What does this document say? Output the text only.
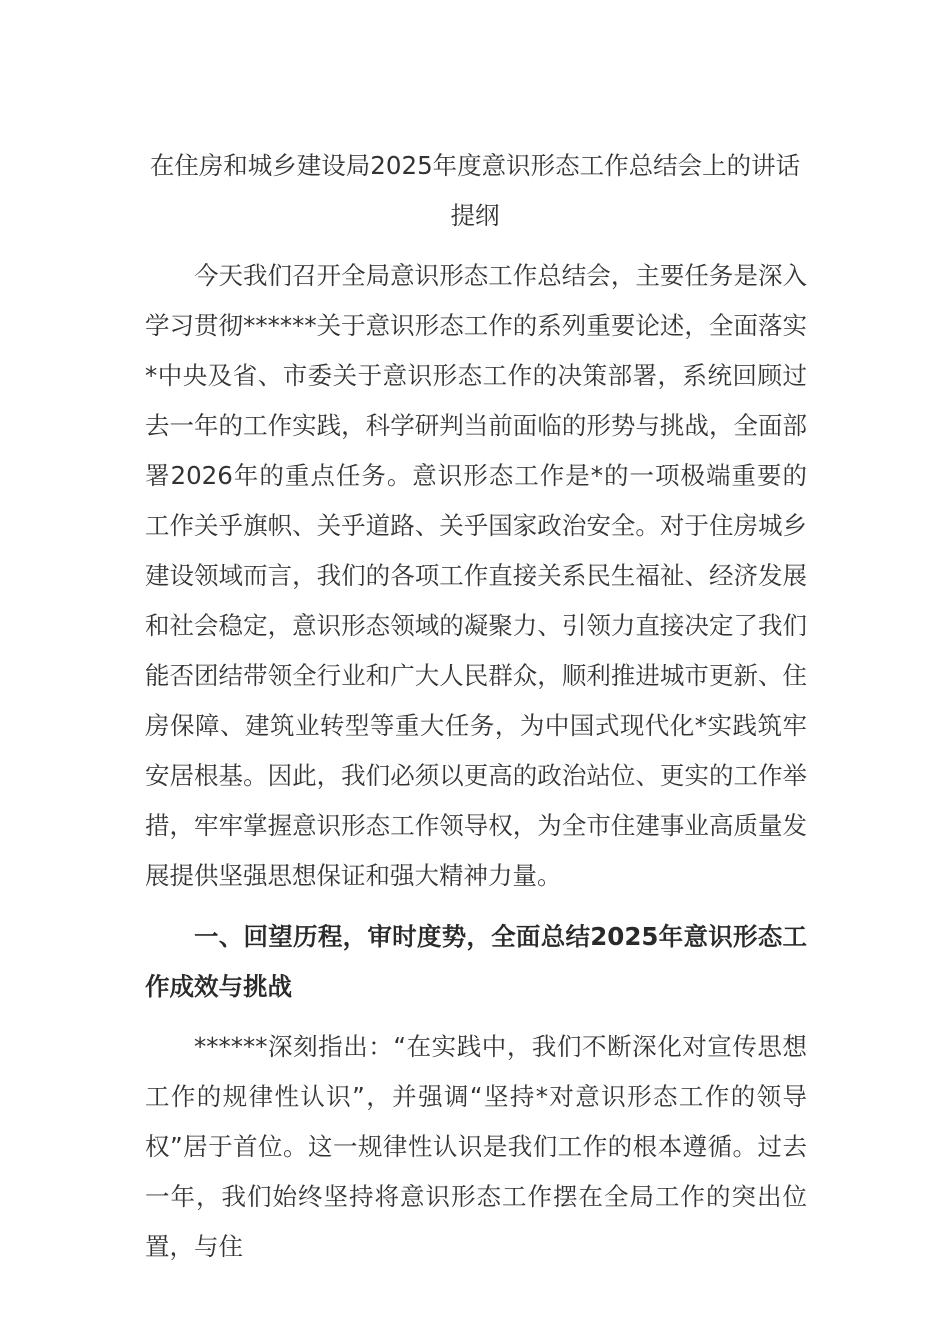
在住房和城乡建设局2025年度意识形态工作总结会上的讲话提纲

今天我们召开全局意识形态工作总结会，主要任务是深入学习贯彻******关于意识形态工作的系列重要论述，全面落实*中央及省、市委关于意识形态工作的决策部署，系统回顾过去一年的工作实践，科学研判当前面临的形势与挑战，全面部署2026年的重点任务。意识形态工作是*的一项极端重要的工作关乎旗帜、关乎道路、关乎国家政治安全。对于住房城乡建设领域而言，我们的各项工作直接关系民生福祉、经济发展和社会稳定，意识形态领域的凝聚力、引领力直接决定了我们能否团结带领全行业和广大人民群众，顺利推进城市更新、住房保障、建筑业转型等重大任务，为中国式现代化*实践筑牢安居根基。因此，我们必须以更高的政治站位、更实的工作举措，牢牢掌握意识形态工作领导权，为全市住建事业高质量发展提供坚强思想保证和强大精神力量。

一、回望历程，审时度势，全面总结2025年意识形态工作成效与挑战

******深刻指出：“在实践中，我们不断深化对宣传思想工作的规律性认识”，并强调“坚持*对意识形态工作的领导权”居于首位。这一规律性认识是我们工作的根本遵循。过去一年，我们始终坚持将意识形态工作摆在全局工作的突出位置，与住
